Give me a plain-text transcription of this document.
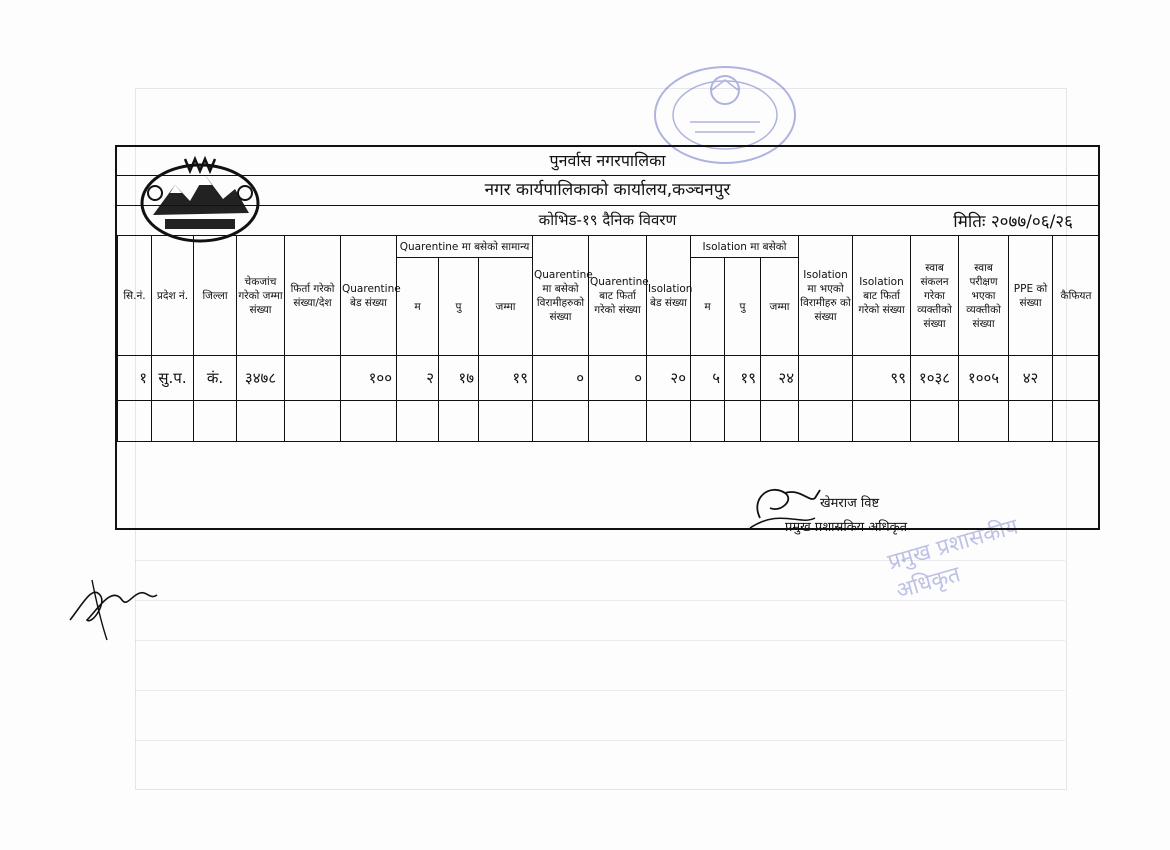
प्रमुख प्रशासकीय अधिकृत
पुनर्वास नगरपालिका
नगर कार्यपालिकाको कार्यालय,कञ्चनपुर
कोभिड-१९ दैनिक विवरण	मितिः २०७७/०६/२६
सि.नं.	प्रदेश नं.	जिल्ला	चेकजांच गरेको जम्मा संख्या	फिर्ता गरेको संख्या/देश	Quarentine बेड संख्या	Quarentine मा बसेको सामान्य			Quarentine मा बसेको विरामीहरुको संख्या	Quarentine बाट फिर्ता गरेको संख्या	Isolation बेड संख्या	Isolation मा बसेको			Isolation मा भएको विरामीहरु को संख्या	Isolation बाट फिर्ता गरेको संख्या	स्वाब संकलन गरेका व्यक्तीको संख्या	स्वाब परीक्षण भएका व्यक्तीको संख्या	PPE को संख्या	कैफियत
						म	पु	जम्मा				म	पु	जम्मा						
१	सु.प.	कं.	३४७८		१००	२	१७	१९	०	०	२०	५	१९	२४		९९	१०३८	१००५	४२	

खेमराज विष्ट
प्रमुख प्रशासकिय अधिकृत
